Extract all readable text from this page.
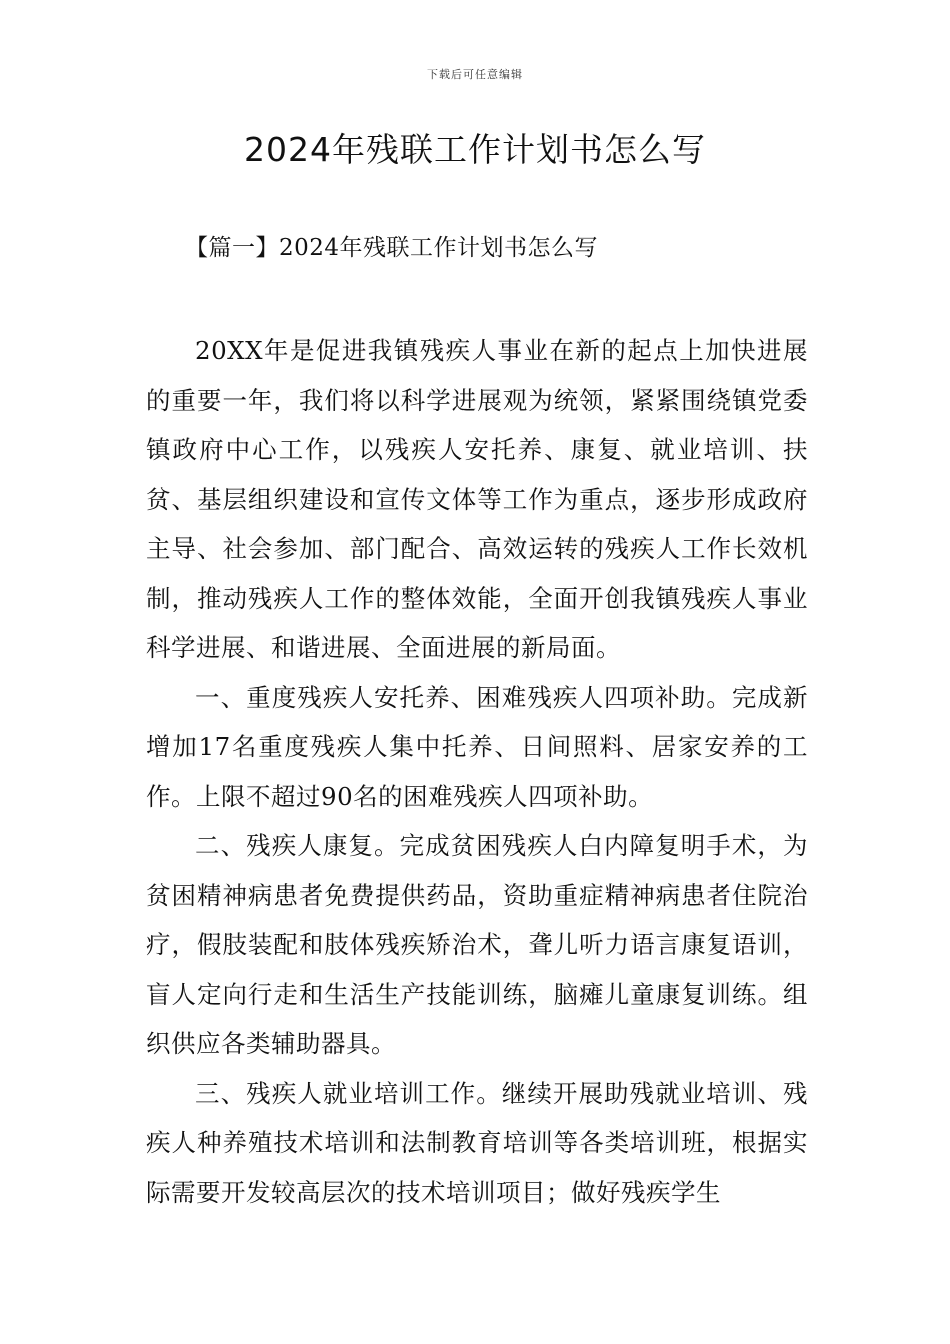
下载后可任意编辑
2024年残联工作计划书怎么写
【篇一】2024年残联工作计划书怎么写

20XX年是促进我镇残疾人事业在新的起点上加快进展的重要一年，我们将以科学进展观为统领，紧紧围绕镇党委镇政府中心工作，以残疾人安托养、康复、就业培训、扶贫、基层组织建设和宣传文体等工作为重点，逐步形成政府主导、社会参加、部门配合、高效运转的残疾人工作长效机制，推动残疾人工作的整体效能，全面开创我镇残疾人事业科学进展、和谐进展、全面进展的新局面。

一、重度残疾人安托养、困难残疾人四项补助。完成新增加17名重度残疾人集中托养、日间照料、居家安养的工作。上限不超过90名的困难残疾人四项补助。

二、残疾人康复。完成贫困残疾人白内障复明手术，为贫困精神病患者免费提供药品，资助重症精神病患者住院治疗，假肢装配和肢体残疾矫治术，聋儿听力语言康复语训，盲人定向行走和生活生产技能训练，脑瘫儿童康复训练。组织供应各类辅助器具。

三、残疾人就业培训工作。继续开展助残就业培训、残疾人种养殖技术培训和法制教育培训等各类培训班，根据实际需要开发较高层次的技术培训项目；做好残疾学生
